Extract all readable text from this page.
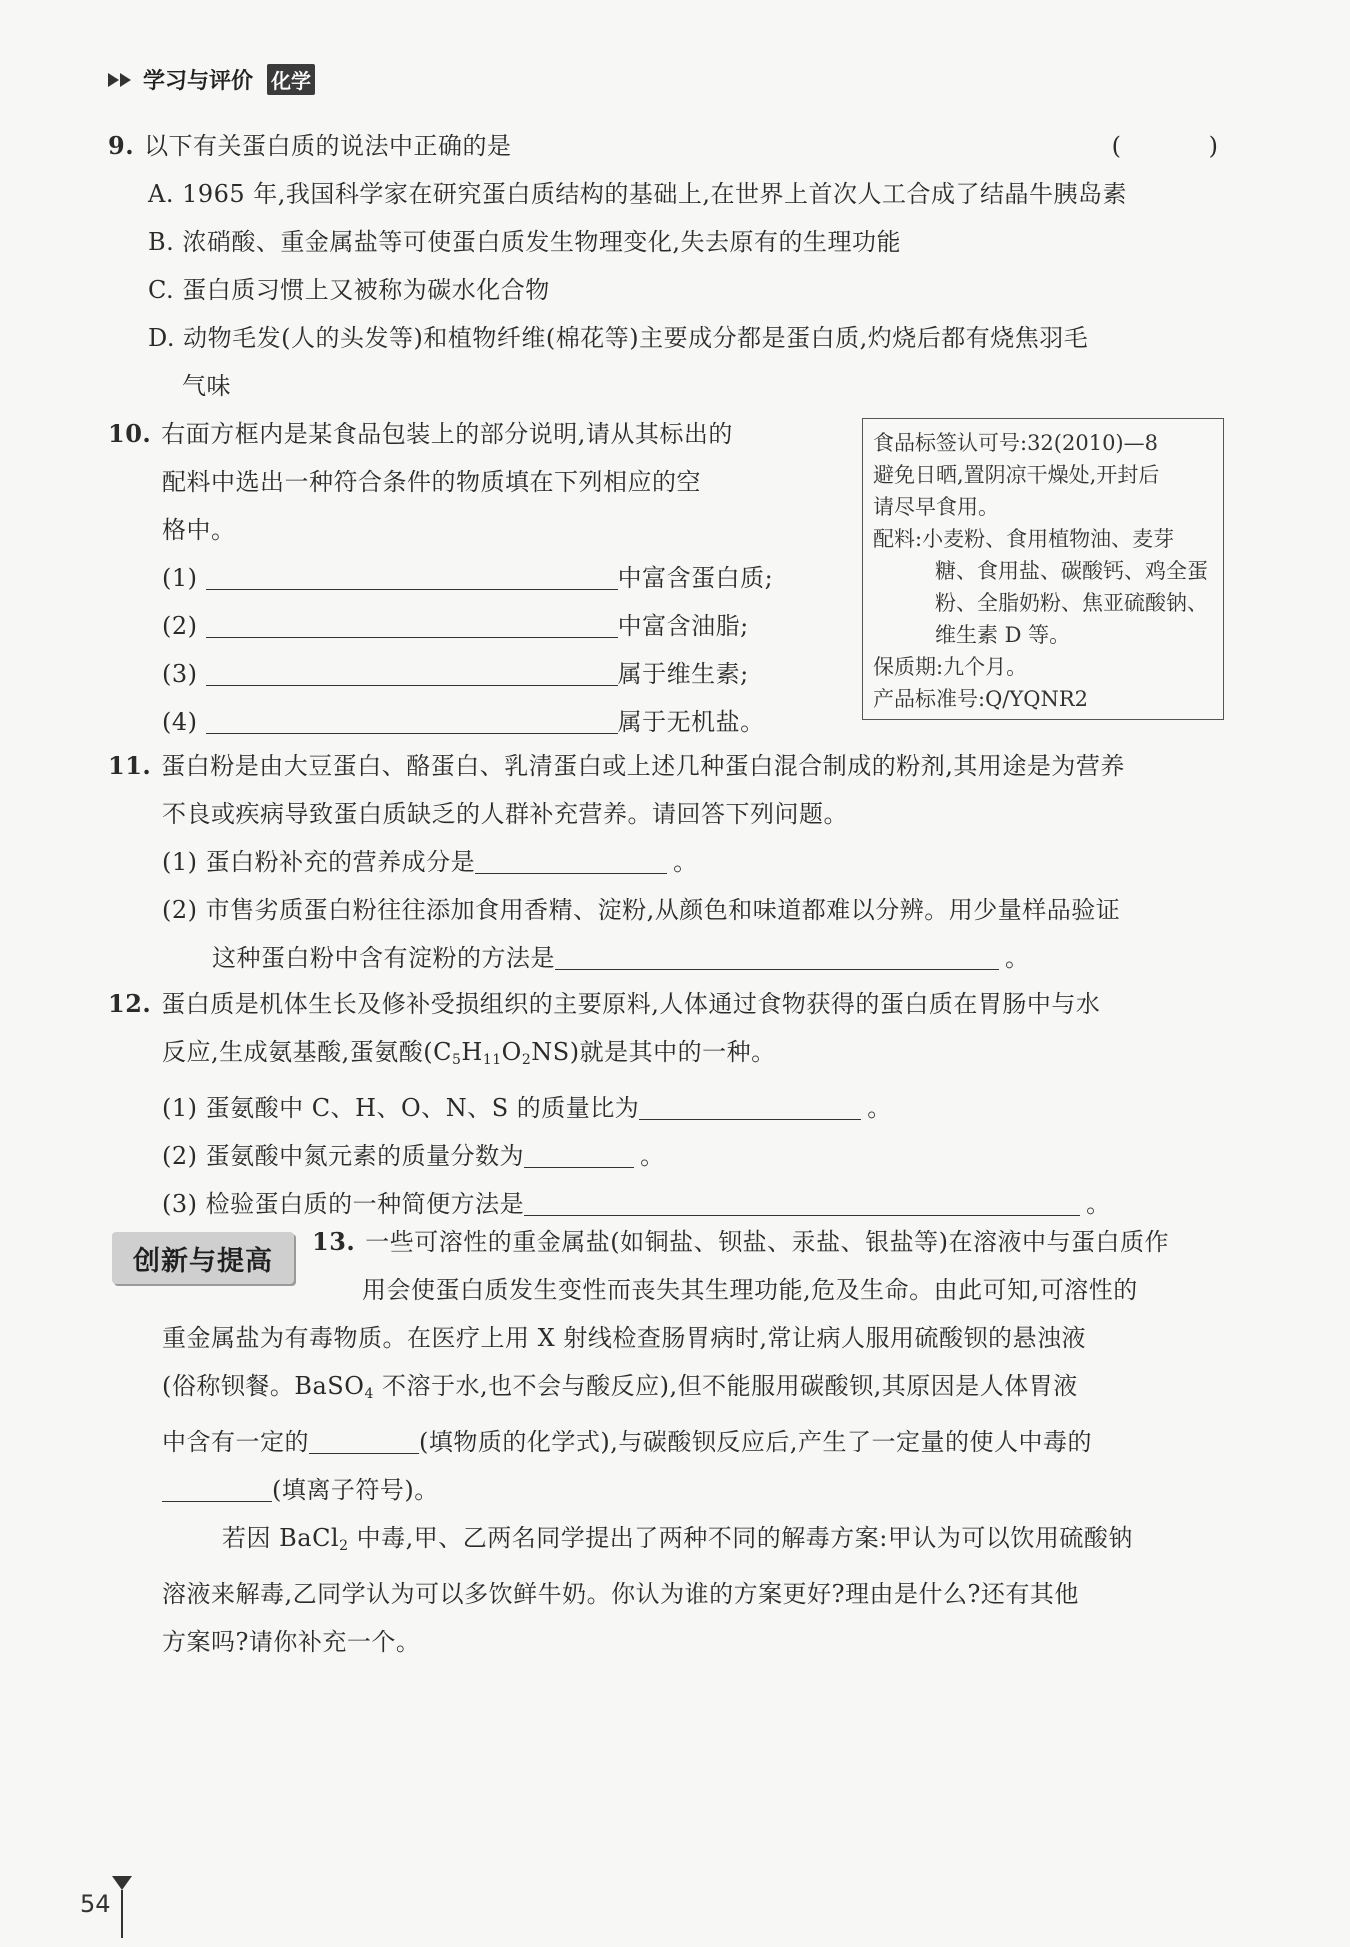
学习与评价 化学
9. 以下有关蛋白质的说法中正确的是	( )
A. 1965 年,我国科学家在研究蛋白质结构的基础上,在世界上首次人工合成了结晶牛胰岛素
B. 浓硝酸、重金属盐等可使蛋白质发生物理变化,失去原有的生理功能
C. 蛋白质习惯上又被称为碳水化合物
D. 动物毛发(人的头发等)和植物纤维(棉花等)主要成分都是蛋白质,灼烧后都有烧焦羽毛
气味
10. 右面方框内是某食品包装上的部分说明,请从其标出的
配料中选出一种符合条件的物质填在下列相应的空
格中。
(1)	中富含蛋白质;
(2)	中富含油脂;
(3)	属于维生素;
(4)	属于无机盐。
食品标签认可号:32(2010)—8
避免日晒,置阴凉干燥处,开封后
请尽早食用。
配料:小麦粉、食用植物油、麦芽
糖、食用盐、碳酸钙、鸡全蛋
粉、全脂奶粉、焦亚硫酸钠、
维生素 D 等。
保质期:九个月。
产品标准号:Q/YQNR2
11. 蛋白粉是由大豆蛋白、酪蛋白、乳清蛋白或上述几种蛋白混合制成的粉剂,其用途是为营养
不良或疾病导致蛋白质缺乏的人群补充营养。请回答下列问题。
(1) 蛋白粉补充的营养成分是	。
(2) 市售劣质蛋白粉往往添加食用香精、淀粉,从颜色和味道都难以分辨。用少量样品验证
这种蛋白粉中含有淀粉的方法是	。
12. 蛋白质是机体生长及修补受损组织的主要原料,人体通过食物获得的蛋白质在胃肠中与水
反应,生成氨基酸,蛋氨酸$(C_5H_{11}O_2NS)$就是其中的一种。
(1) 蛋氨酸中 C、H、O、N、S 的质量比为	。
(2) 蛋氨酸中氮元素的质量分数为	。
(3) 检验蛋白质的一种简便方法是	。
创新与提高
13. 一些可溶性的重金属盐(如铜盐、钡盐、汞盐、银盐等)在溶液中与蛋白质作
用会使蛋白质发生变性而丧失其生理功能,危及生命。由此可知,可溶性的
重金属盐为有毒物质。在医疗上用 X 射线检查肠胃病时,常让病人服用硫酸钡的悬浊液
(俗称钡餐。BaSO$_4$ 不溶于水,也不会与酸反应),但不能服用碳酸钡,其原因是人体胃液
中含有一定的	(填物质的化学式),与碳酸钡反应后,产生了一定量的使人中毒的
(填离子符号)。
若因 BaCl$_2$ 中毒,甲、乙两名同学提出了两种不同的解毒方案:甲认为可以饮用硫酸钠
溶液来解毒,乙同学认为可以多饮鲜牛奶。你认为谁的方案更好?理由是什么?还有其他
方案吗?请你补充一个。
54
